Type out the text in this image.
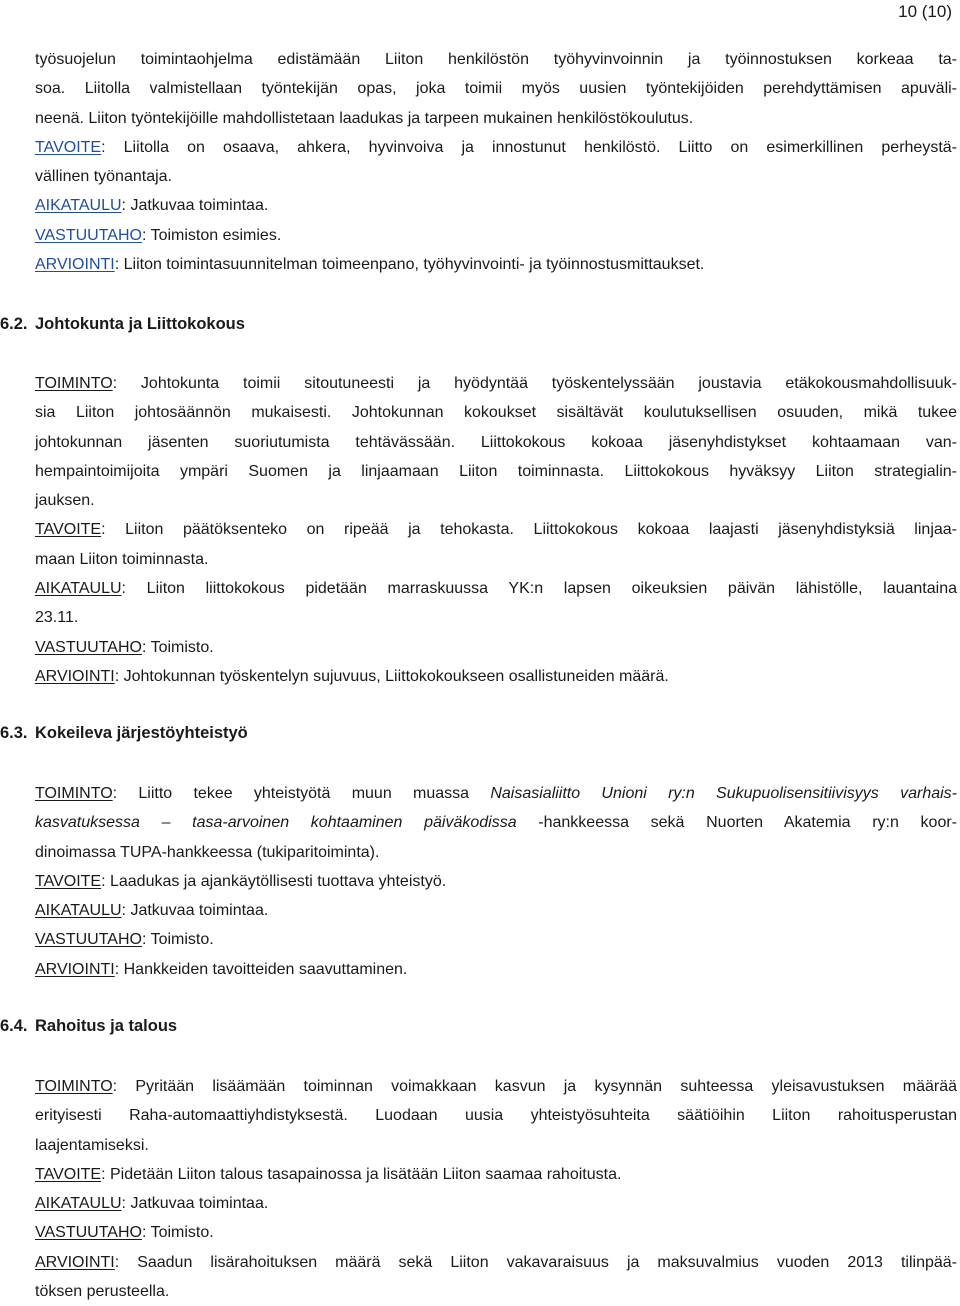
10 (10)
työsuojelun toimintaohjelma edistämään Liiton henkilöstön työhyvinvoinnin ja työinnostuksen korkeaa ta-
soa. Liitolla valmistellaan työntekijän opas, joka toimii myös uusien työntekijöiden perehdyttämisen apuväli-
neenä. Liiton työntekijöille mahdollistetaan laadukas ja tarpeen mukainen henkilöstökoulutus.
TAVOITE: Liitolla on osaava, ahkera, hyvinvoiva ja innostunut henkilöstö. Liitto on esimerkillinen perheystä-
vällinen työnantaja.
AIKATAULU: Jatkuvaa toimintaa.
VASTUUTAHO: Toimiston esimies.
ARVIOINTI: Liiton toimintasuunnitelman toimeenpano, työhyvinvointi- ja työinnostusmittaukset.
6.2. Johtokunta ja Liittokokous
TOIMINTO: Johtokunta toimii sitoutuneesti ja hyödyntää työskentelyssään joustavia etäkokousmahdollisuuk-
sia Liiton johtosäännön mukaisesti. Johtokunnan kokoukset sisältävät koulutuksellisen osuuden, mikä tukee
johtokunnan jäsenten suoriutumista tehtävässään. Liittokokous kokoaa jäsenyhdistykset kohtaamaan van-
hempaintoimijoita ympäri Suomen ja linjaamaan Liiton toiminnasta. Liittokokous hyväksyy Liiton strategialin-
jauksen.
TAVOITE: Liiton päätöksenteko on ripeää ja tehokasta. Liittokokous kokoaa laajasti jäsenyhdistyksiä linjaa-
maan Liiton toiminnasta.
AIKATAULU: Liiton liittokokous pidetään marraskuussa YK:n lapsen oikeuksien päivän lähistölle, lauantaina
23.11.
VASTUUTAHO: Toimisto.
ARVIOINTI: Johtokunnan työskentelyn sujuvuus, Liittokokoukseen osallistuneiden määrä.
6.3. Kokeileva järjestöyhteistyö
TOIMINTO: Liitto tekee yhteistyötä muun muassa Naisasialiitto Unioni ry:n Sukupuolisensitiivisyys varhais-
kasvatuksessa – tasa-arvoinen kohtaaminen päiväkodissa -hankkeessa sekä Nuorten Akatemia ry:n koor-
dinoimassa TUPA-hankkeessa (tukiparitoiminta).
TAVOITE: Laadukas ja ajankäytöllisesti tuottava yhteistyö.
AIKATAULU: Jatkuvaa toimintaa.
VASTUUTAHO: Toimisto.
ARVIOINTI: Hankkeiden tavoitteiden saavuttaminen.
6.4. Rahoitus ja talous
TOIMINTO: Pyritään lisäämään toiminnan voimakkaan kasvun ja kysynnän suhteessa yleisavustuksen määrää
erityisesti Raha-automaattiyhdistyksestä. Luodaan uusia yhteistyösuhteita säätiöihin Liiton rahoitusperustan
laajentamiseksi.
TAVOITE: Pidetään Liiton talous tasapainossa ja lisätään Liiton saamaa rahoitusta.
AIKATAULU: Jatkuvaa toimintaa.
VASTUUTAHO: Toimisto.
ARVIOINTI: Saadun lisärahoituksen määrä sekä Liiton vakavaraisuus ja maksuvalmius vuoden 2013 tilinpää-
töksen perusteella.
